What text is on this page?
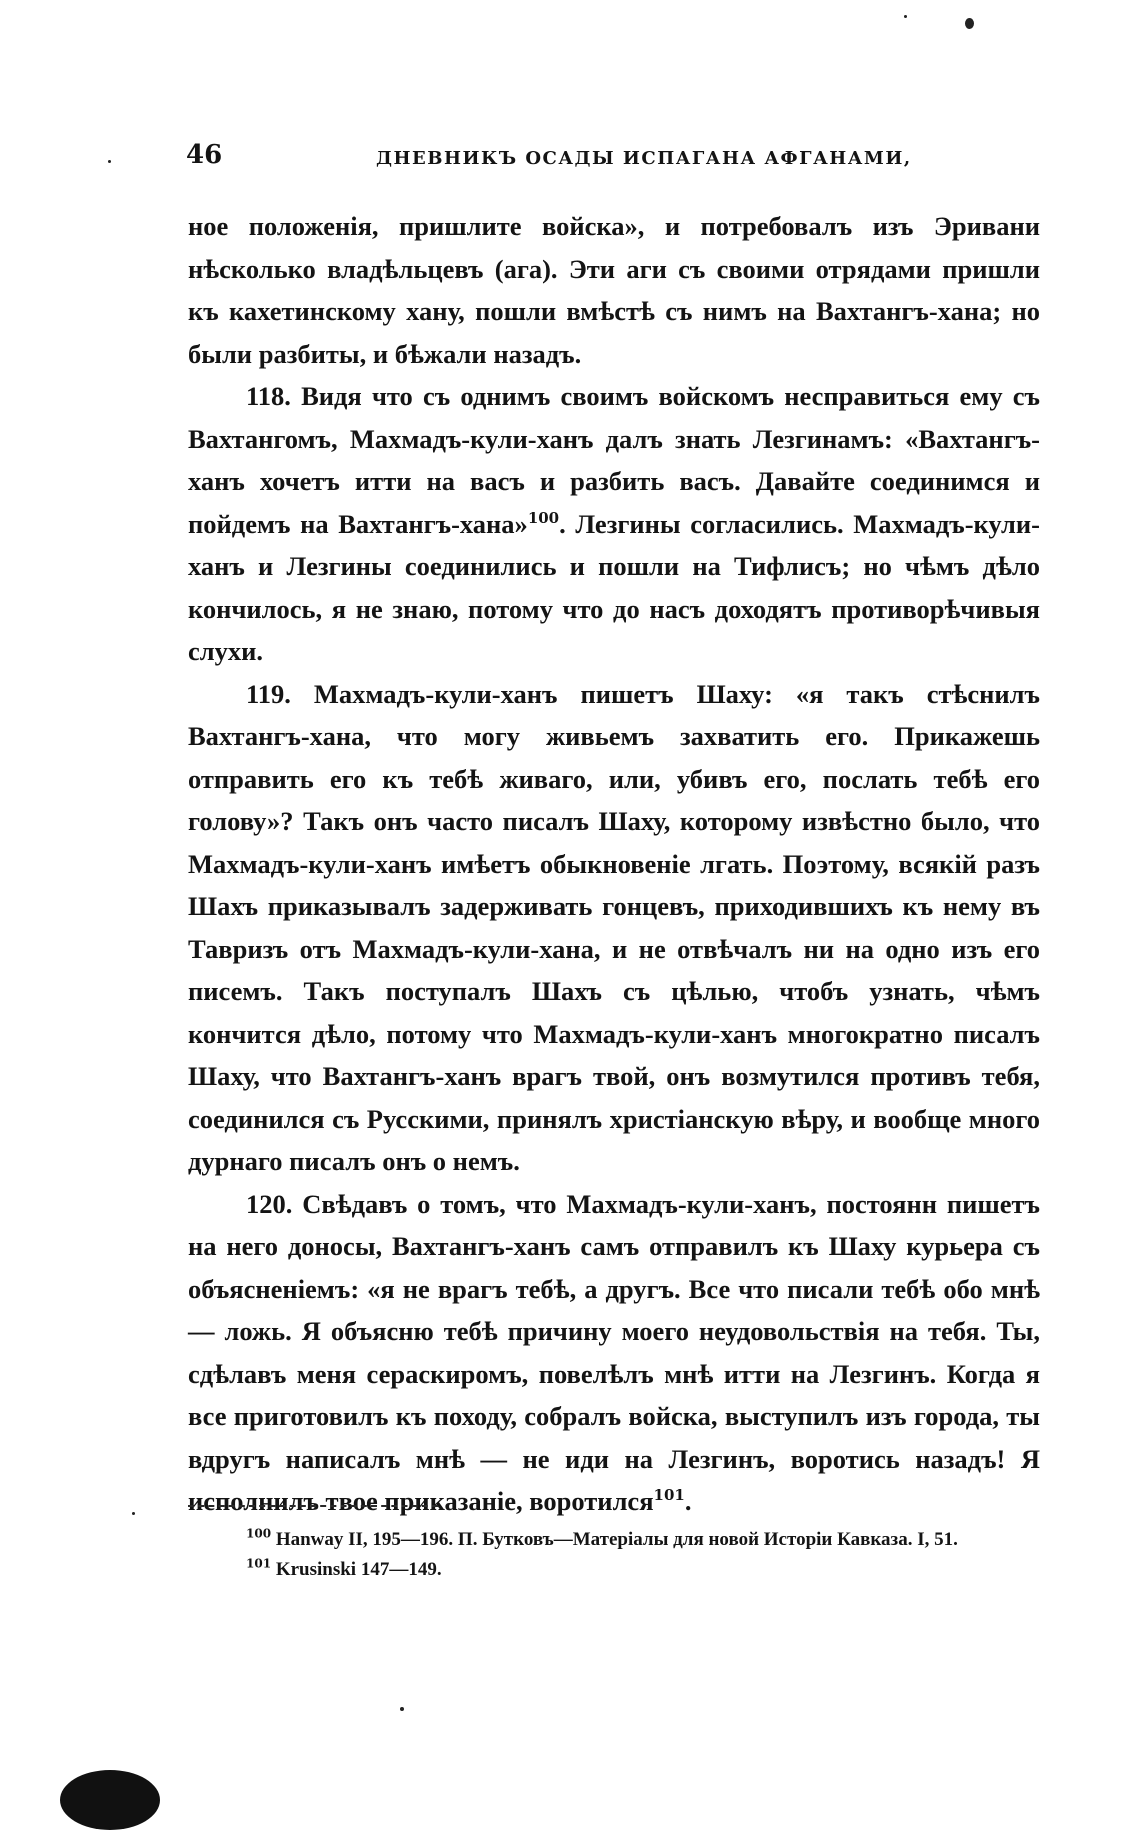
46	ДНЕВНИКЪ ОСАДЫ ИСПАГАНА АФГАНАМИ,

ное положенія, пришлите войска», и потребовалъ изъ Эривани нѣсколько владѣльцевъ (ага). Эти аги съ своими отрядами пришли къ кахетинскому хану, пошли вмѣстѣ съ нимъ на Вахтангъ-хана; но были разбиты, и бѣжали назадъ.

118. Видя что съ однимъ своимъ войскомъ несправиться ему съ Вахтангомъ, Махмадъ-кули-ханъ далъ знать Лезгинамъ: «Вахтангъ-ханъ хочетъ итти на васъ и разбить васъ. Давайте соединимся и пойдемъ на Вахтангъ-хана»$^{100}$. Лезгины согласились. Махмадъ-кули-ханъ и Лезгины соединились и пошли на Тифлисъ; но чѣмъ дѣло кончилось, я не знаю, потому что до насъ доходятъ противорѣчивыя слухи.

119. Махмадъ-кули-ханъ пишетъ Шаху: «я такъ стѣснилъ Вахтангъ-хана, что могу живьемъ захватить его. Прикажешь отправить его къ тебѣ живаго, или, убивъ его, послать тебѣ его голову»? Такъ онъ часто писалъ Шаху, которому извѣстно было, что Махмадъ-кули-ханъ имѣетъ обыкновеніе лгать. Поэтому, всякій разъ Шахъ приказывалъ задерживать гонцевъ, приходившихъ къ нему въ Тавризъ отъ Махмадъ-кули-хана, и не отвѣчалъ ни на одно изъ его писемъ. Такъ поступалъ Шахъ съ цѣлью, чтобъ узнать, чѣмъ кончится дѣло, потому что Махмадъ-кули-ханъ многократно писалъ Шаху, что Вахтангъ-ханъ врагъ твой, онъ возмутился противъ тебя, соединился съ Русскими, принялъ христіанскую вѣру, и вообще много дурнаго писалъ онъ о немъ.

120. Свѣдавъ о томъ, что Махмадъ-кули-ханъ, постоянн пишетъ на него доносы, Вахтангъ-ханъ самъ отправилъ къ Шаху курьера съ объясненіемъ: «я не врагъ тебѣ, а другъ. Все что писали тебѣ обо мнѣ — ложь. Я объясню тебѣ причину моего неудовольствія на тебя. Ты, сдѣлавъ меня сераскиромъ, повелѣлъ мнѣ итти на Лезгинъ. Когда я все приготовилъ къ походу, собралъ войска, выступилъ изъ города, ты вдругъ написалъ мнѣ — не иди на Лезгинъ, воротись назадъ! Я исполнилъ твое приказаніе, воротился$^{101}$.

$^{100}$ Hanway II, 195—196. П. Бутковъ—Матеріалы для новой Исторіи Кавказа. I, 51.

$^{101}$ Krusinski 147—149.
